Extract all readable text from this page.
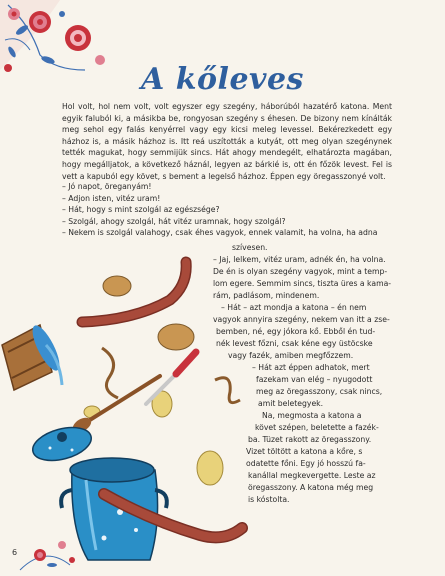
A kőleves

Hol volt, hol nem volt, volt egyszer egy szegény, háborúból hazatérő katona. Ment egyik faluból ki, a másikba be, rongyosan szegény s éhesen. De bizony nem kínálták meg sehol egy falás kenyérrel vagy egy kicsi meleg levessel. Bekérezkedett egy házhoz is, a másik házhoz is. Itt reá uszították a kutyát, ott meg olyan szegénynek tették magukat, hogy semmijük sincs. Hát ahogy mendegélt, elhatározta magában, hogy megálljatok, a következő háznál, legyen az bárkié is, ott én főzök levest. Fel is vett a kapuból egy követ, s bement a legelső házhoz. Éppen egy öregasszonyé volt.

– Jó napot, öreganyám!
– Adjon isten, vitéz uram!
– Hát, hogy s mint szolgál az egészsége?
– Szolgál, ahogy szolgál, hát vitéz uramnak, hogy szolgál?
– Nekem is szolgál valahogy, csak éhes vagyok, ennek valamit, ha volna, ha adna
szívesen.
– Jaj, lelkem, vitéz uram, adnék én, ha volna.
De én is olyan szegény vagyok, mint a temp-
lom egere. Semmim sincs, tiszta üres a kama-
rám, padlásom, mindenem.
– Hát – azt mondja a katona – én nem
vagyok annyira szegény, nekem van itt a zse-
bemben, né, egy jókora kő. Ebből én tud-
nék levest főzni, csak kéne egy üstöcske
vagy fazék, amiben megfőzzem.
– Hát azt éppen adhatok, mert
fazekam van elég – nyugodott
meg az öregasszony, csak nincs,
amit beletegyek.
Na, megmosta a katona a
követ szépen, beletette a fazék-
ba. Tüzet rakott az öregasszony.
Vizet töltött a katona a kőre, s
odatette főni. Egy jó hosszú fa-
kanállal megkevergette. Leste az
öregasszony. A katona még meg
is kóstolta.
6
